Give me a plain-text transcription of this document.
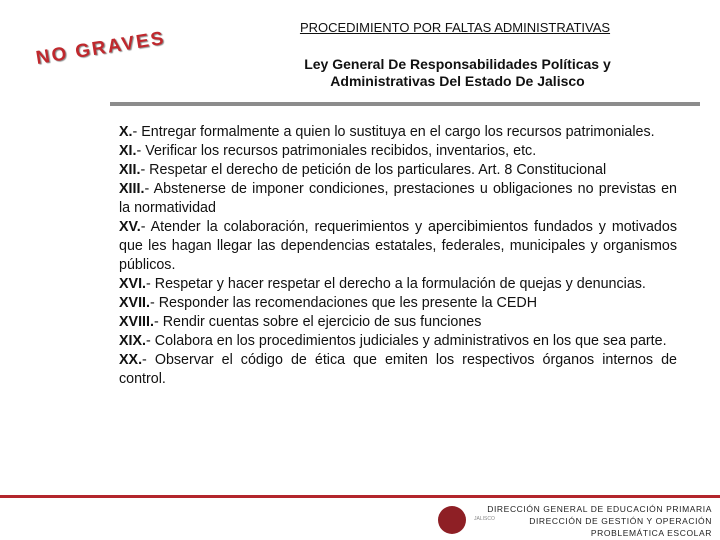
PROCEDIMIENTO POR FALTAS ADMINISTRATIVAS
NO GRAVES	Ley General De Responsabilidades Políticas y
Administrativas Del Estado De Jalisco

X.- Entregar formalmente a quien lo sustituya en el cargo los recursos patrimoniales.

XI.- Verificar los recursos patrimoniales recibidos, inventarios, etc.

XII.- Respetar el derecho de petición de los particulares. Art. 8 Constitucional

XIII.- Abstenerse de imponer condiciones, prestaciones u obligaciones no previstas en la normatividad

XV.- Atender la colaboración, requerimientos y apercibimientos fundados y motivados que les hagan llegar las dependencias estatales, federales, municipales y organismos públicos.

XVI.- Respetar y hacer respetar el derecho a la formulación de quejas y denuncias.

XVII.- Responder las recomendaciones que les presente la CEDH

XVIII.- Rendir cuentas sobre el ejercicio de sus funciones

XIX.- Colabora en los procedimientos judiciales y administrativos en los que sea parte.

XX.- Observar el código de ética que emiten los respectivos órganos internos de control.

JALISCO
DIRECCIÓN GENERAL DE EDUCACIÓN PRIMARIA
DIRECCIÓN DE GESTIÓN Y OPERACIÓN
PROBLEMÁTICA ESCOLAR
